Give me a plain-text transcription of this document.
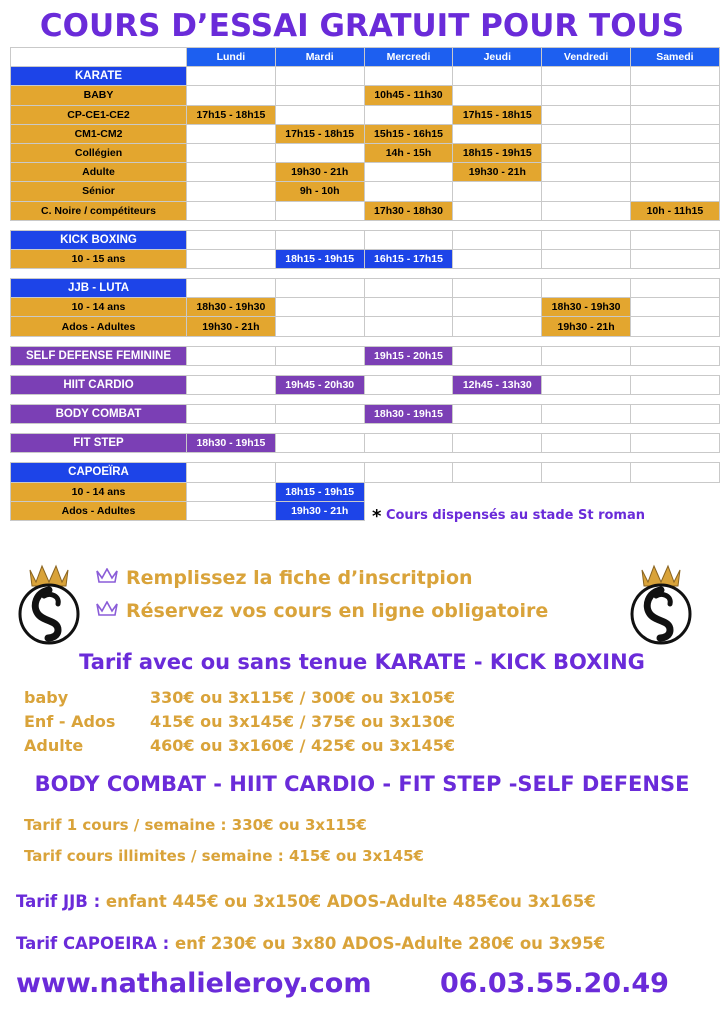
COURS D’ESSAI GRATUIT POUR TOUS
	Lundi	Mardi	Mercredi	Jeudi	Vendredi	Samedi
KARATE						
BABY			10h45 - 11h30			
CP-CE1-CE2	17h15 - 18h15			17h15 - 18h15		
CM1-CM2		17h15 - 18h15	15h15 - 16h15			
Collégien			14h - 15h	18h15 - 19h15		
Adulte		19h30 - 21h		19h30 - 21h		
Sénior		9h - 10h				
C. Noire / compétiteurs			17h30 - 18h30			10h - 11h15

KICK BOXING						
10 - 15 ans		18h15 - 19h15	16h15 - 17h15			

JJB - LUTA						
10 - 14 ans	18h30 - 19h30				18h30 - 19h30	
Ados - Adultes	19h30 - 21h				19h30 - 21h	

SELF DEFENSE FEMININE			19h15 - 20h15			

HIIT CARDIO		19h45 - 20h30		12h45 - 13h30		

BODY COMBAT			18h30 - 19h15			

FIT STEP	18h30 - 19h15					

CAPOEÏRA						
10 - 14 ans		18h15 - 19h15				
Ados - Adultes		19h30 - 21h				* Cours dispensés au stade St roman
Remplissez la fiche d’inscritpion
Réservez vos cours en ligne obligatoire
Tarif avec ou sans tenue KARATE - KICK BOXING
baby	330€ ou 3x115€ / 300€ ou 3x105€
Enf - Ados 415€ ou 3x145€ / 375€ ou 3x130€
Adulte	460€ ou 3x160€ / 425€ ou 3x145€
BODY COMBAT - HIIT CARDIO - FIT STEP -SELF DEFENSE
Tarif 1 cours / semaine : 330€ ou 3x115€
Tarif cours illimites / semaine : 415€ ou 3x145€
Tarif JJB : enfant 445€ ou 3x150€ ADOS-Adulte 485€ou 3x165€
Tarif CAPOEIRA : enf 230€ ou 3x80 ADOS-Adulte 280€ ou 3x95€
www.nathalieleroy.com	06.03.55.20.49
